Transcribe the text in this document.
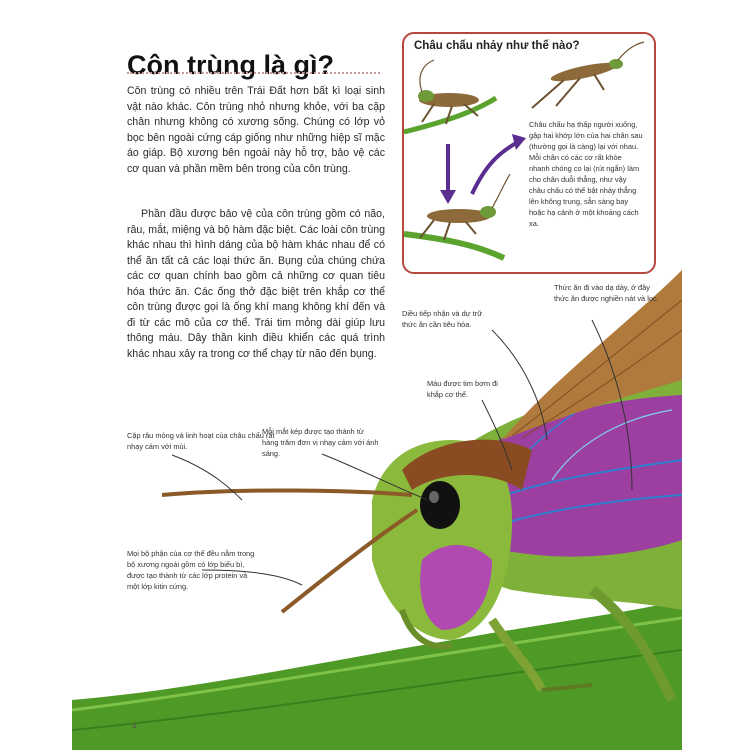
Côn trùng là gì?

Côn trùng có nhiều trên Trái Đất hơn bất kì loại sinh vật nào khác. Côn trùng nhỏ nhưng khỏe, với ba cặp chân nhưng không có xương sống. Chúng có lớp vỏ bọc bên ngoài cứng cáp giống như những hiệp sĩ mặc áo giáp. Bộ xương bên ngoài này hỗ trợ, bảo vệ các cơ quan và phần mềm bên trong của côn trùng.

Phần đầu được bảo vệ của côn trùng gồm có não, râu, mắt, miệng và bộ hàm đặc biệt. Các loài côn trùng khác nhau thì hình dáng của bộ hàm khác nhau để có thể ăn tất cả các loại thức ăn. Bụng của chúng chứa các cơ quan chính bao gồm cả những cơ quan tiêu hóa thức ăn. Các ống thở đặc biệt trên khắp cơ thể côn trùng được gọi là ống khí mang không khí đến và đi từ các mô của cơ thể. Trái tim mỏng dài giúp lưu thông máu. Dây thần kinh điều khiển các quá trình khác nhau xảy ra trong cơ thể chạy từ não đến bụng.

Châu chấu nhảy như thế nào?

Châu chấu hạ thấp người xuống, gập hai khớp lớn của hai chân sau (thường gọi là càng) lại với nhau. Mỗi chân có các cơ rất khỏe nhanh chóng co lại (rút ngắn) làm cho chân duỗi thẳng, như vậy châu chấu có thể bật nhảy thẳng lên không trung, sẵn sàng bay hoặc hạ cánh ở một khoảng cách xa.

Cặp râu mỏng và linh hoạt của châu chấu rất nhạy cảm với mùi.

Mỗi mắt kép được tạo thành từ hàng trăm đơn vị nhạy cảm với ánh sáng.

Diều tiếp nhận và dự trữ thức ăn cần tiêu hóa.

Máu được tim bơm đi khắp cơ thể.

Thức ăn đi vào dạ dày, ở đây thức ăn được nghiền nát và lọc.

Mọi bộ phận của cơ thể đều nằm trong bộ xương ngoài gồm có lớp biểu bì, được tạo thành từ các lớp protein và một lớp kitin cứng.

4
